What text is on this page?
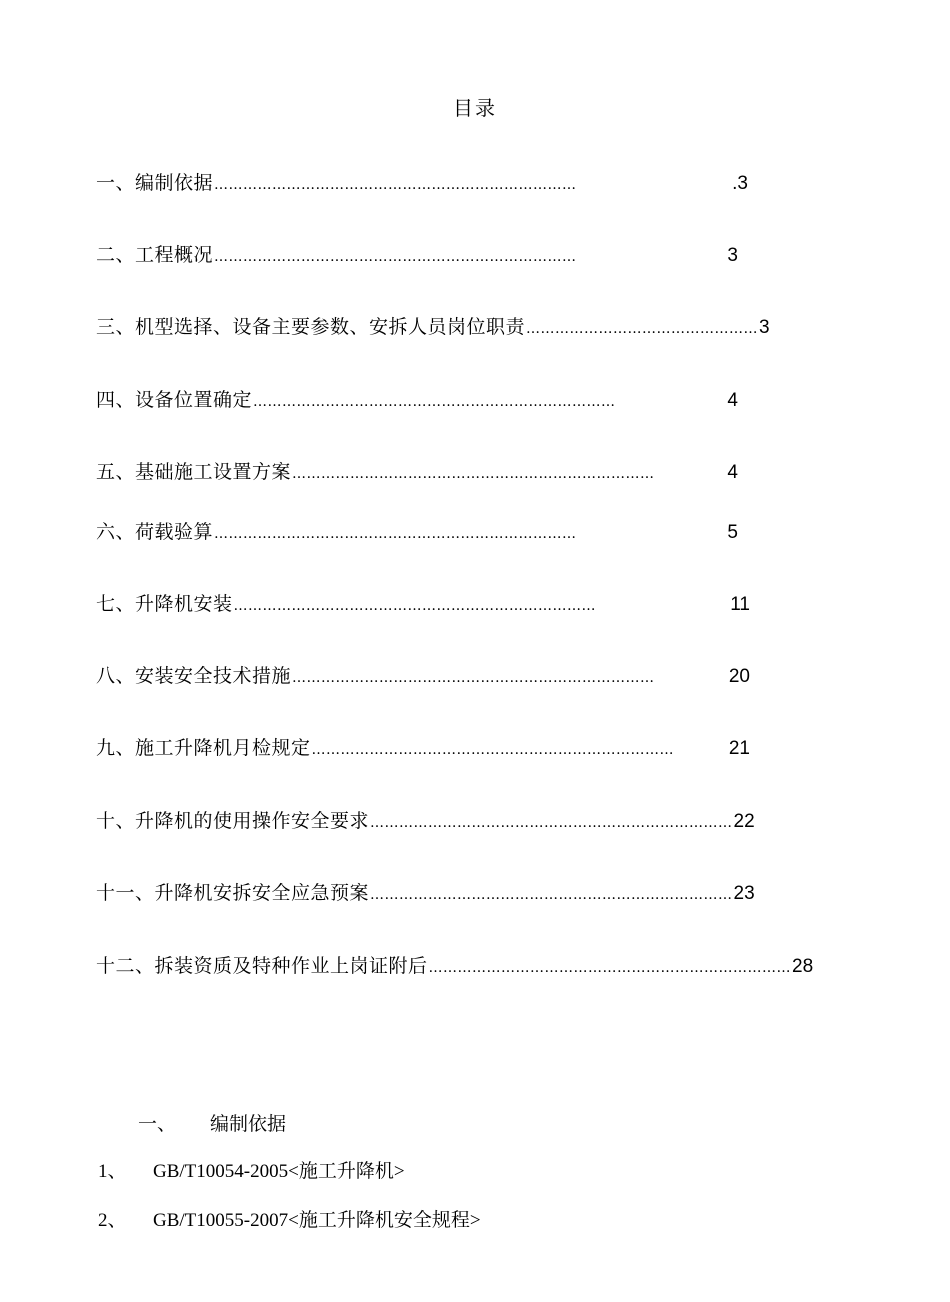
目录
一、编制依据 …………………………………………………………………	.3
二、工程概况 …………………………………………………………………	3
三、机型选择、设备主要参数、安拆人员岗位职责 ………………………………………… 3
四、设备位置确定 …………………………………………………………………	4
五、基础施工设置方案 …………………………………………………………………	4
六、荷载验算 …………………………………………………………………	5
七、升降机安装 …………………………………………………………………	11
八、安装安全技术措施 …………………………………………………………………	20
九、施工升降机月检规定 …………………………………………………………………	21
十、升降机的使用操作安全要求 ………………………………………………………………… 22
十一、升降机安拆安全应急预案 ………………………………………………………………… 23
十二、拆装资质及特种作业上岗证附后 ………………………………………………………………… 28
一、 编制依据
1、 GB/T10054-2005<施工升降机>
2、 GB/T10055-2007<施工升降机安全规程>
